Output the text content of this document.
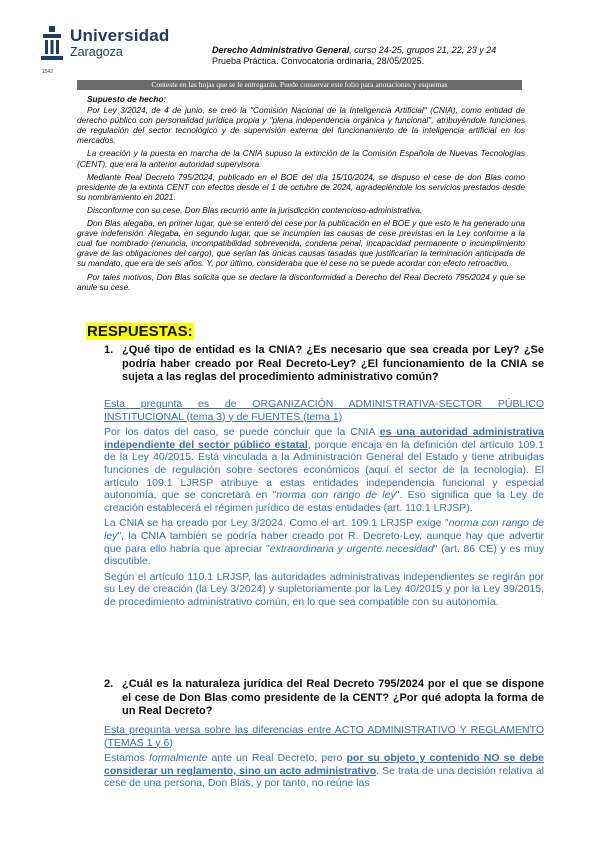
Universidad
Zaragoza
1542
Derecho Administrativo General, curso 24-25, grupos 21, 22, 23 y 24
Prueba Práctica. Convocatoria ordinaria, 28/05/2025.
Conteste en las hojas que se le entregarán. Puede conservar este folio para anotaciones y esquemas

Supuesto de hecho:

Por Ley 3/2024, de 4 de junio, se creó la "Comisión Nacional de la Inteligencia Artificial" (CNIA), como entidad de derecho público con personalidad jurídica propia y "plena independencia orgánica y funcional", atribuyéndole funciones de regulación del sector tecnológico y de supervisión externa del funcionamiento de la inteligencia artificial en los mercados.

La creación y la puesta en marcha de la CNIA supuso la extinción de la Comisión Española de Nuevas Tecnologías (CENT), que era la anterior autoridad supervisora.

Mediante Real Decreto 795/2024, publicado en el BOE del día 15/10/2024, se dispuso el cese de don Blas como presidente de la extinta CENT con efectos desde el 1 de octubre de 2024, agradeciéndole los servicios prestados desde su nombramiento en 2021.

Disconforme con su cese, Don Blas recurrió ante la jurisdicción contencioso-administrativa.

Don Blas alegaba, en primer lugar, que se enteró del cese por la publicación en el BOE y que esto le ha generado una grave indefensión. Alegaba, en segundo lugar, que se incumplen las causas de cese previstas en la Ley conforme a la cual fue nombrado (renuncia, incompatibilidad sobrevenida, condena penal, incapacidad permanente o incumplimiento grave de las obligaciones del cargo), que serían las únicas causas tasadas que justificarían la terminación anticipada de su mandato, que era de seis años. Y, por último, consideraba que el cese no se puede acordar con efecto retroactivo.

Por tales motivos, Don Blas solicita que se declare la disconformidad a Derecho del Real Decreto 795/2024 y que se anule su cese.

RESPUESTAS:
1. ¿Qué tipo de entidad es la CNIA? ¿Es necesario que sea creada por Ley? ¿Se podría haber creado por Real Decreto-Ley? ¿El funcionamiento de la CNIA se sujeta a las reglas del procedimiento administrativo común?

Esta pregunta es de ORGANIZACIÓN ADMINISTRATIVA-SECTOR PÚBLICO INSTITUCIONAL (tema 3) y de FUENTES (tema 1)

Por los datos del caso, se puede concluir que la CNIA es una autoridad administrativa independiente del sector público estatal, porque encaja en la definición del artículo 109.1 de la Ley 40/2015. Está vinculada a la Administración General del Estado y tiene atribuidas funciones de regulación sobre sectores económicos (aquí el sector de la tecnología). El artículo 109.1 LJRSP atribuye a estas entidades independencia funcional y especial autonomía, que se concretará en "norma con rango de ley". Eso significa que la Ley de creación establecerá el régimen jurídico de estas entidades (art. 110.1 LRJSP).

La CNIA se ha creado por Ley 3/2024. Como el art. 109.1 LRJSP exige "norma con rango de ley", la CNIA también se podría haber creado por R. Decreto-Ley, aunque hay que advertir que para ello habría que apreciar "extraordinaria y urgente necesidad" (art. 86 CE) y es muy discutible.

Según el artículo 110.1 LRJSP, las autoridades administrativas independientes se regirán por su Ley de creación (la Ley 3/2024) y supletoriamente por la Ley 40/2015 y por la Ley 39/2015, de procedimiento administrativo común, en lo que sea compatible con su autonomía.

2. ¿Cuál es la naturaleza jurídica del Real Decreto 795/2024 por el que se dispone el cese de Don Blas como presidente de la CENT? ¿Por qué adopta la forma de un Real Decreto?

Esta pregunta versa sobre las diferencias entre ACTO ADMINISTRATIVO Y REGLAMENTO (TEMAS 1 y 6)

Estamos formalmente ante un Real Decreto, pero por su objeto y contenido NO se debe considerar un reglamento, sino un acto administrativo. Se trata de una decisión relativa al cese de una persona, Don Blas, y por tanto, no reúne las
